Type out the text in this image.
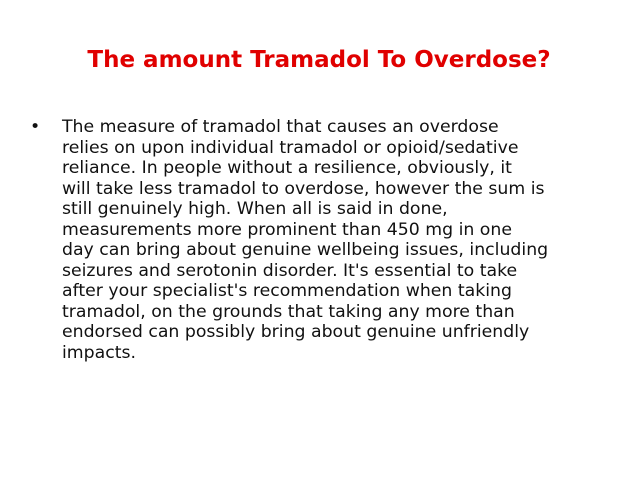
The amount Tramadol To Overdose?
• The measure of tramadol that causes an overdose
relies on upon individual tramadol or opioid/sedative
reliance. In people without a resilience, obviously, it
will take less tramadol to overdose, however the sum is
still genuinely high. When all is said in done,
measurements more prominent than 450 mg in one
day can bring about genuine wellbeing issues, including
seizures and serotonin disorder. It's essential to take
after your specialist's recommendation when taking
tramadol, on the grounds that taking any more than
endorsed can possibly bring about genuine unfriendly
impacts.
